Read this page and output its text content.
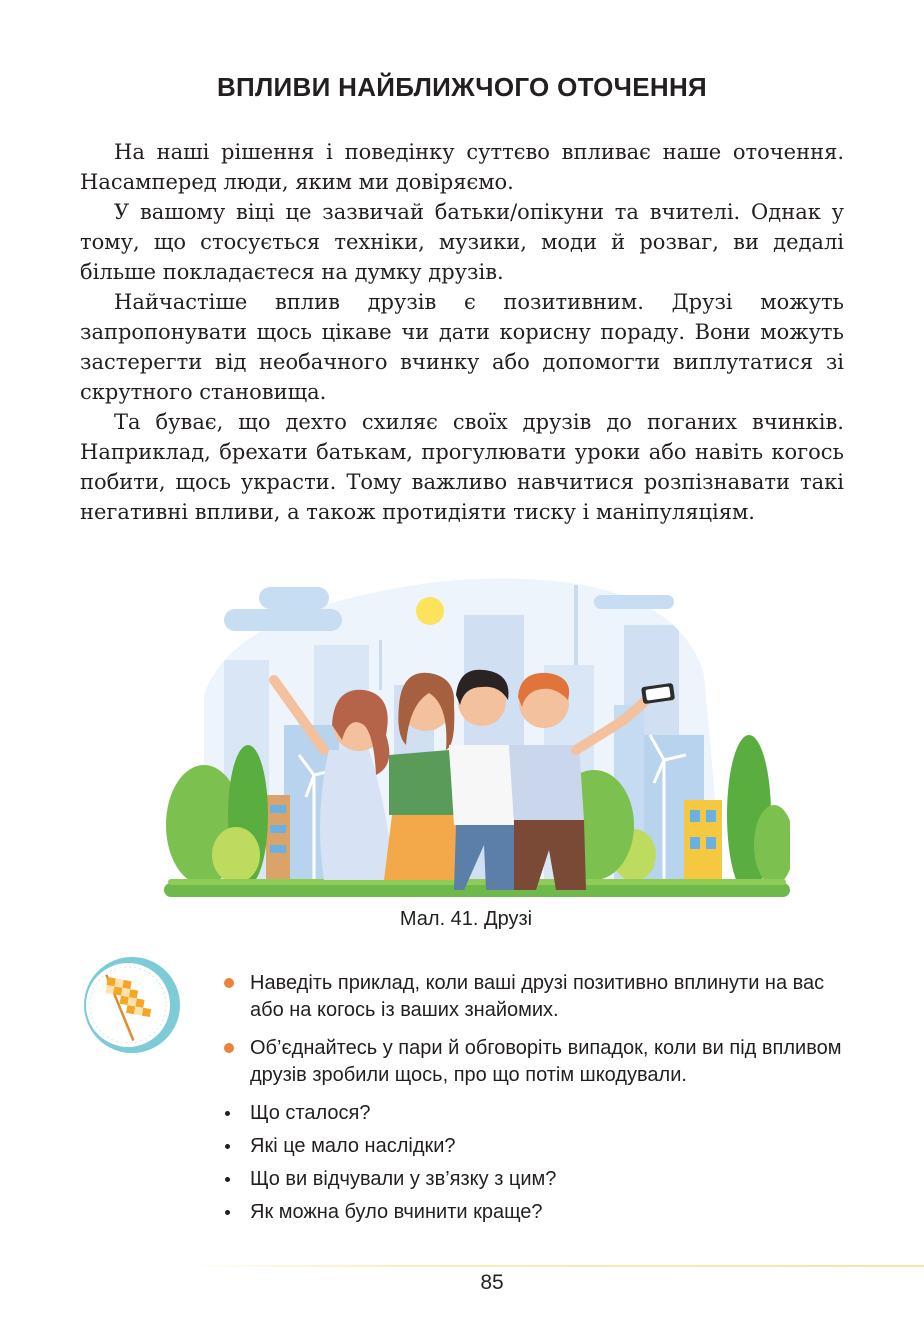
ВПЛИВИ НАЙБЛИЖЧОГО ОТОЧЕННЯ

На наші рішення і поведінку суттєво впливає наше оточення. Насамперед люди, яким ми довіряємо.

У вашому віці це зазвичай батьки/опікуни та вчителі. Однак у тому, що стосується техніки, музики, моди й розваг, ви дедалі більше покладаєтеся на думку друзів.

Найчастіше вплив друзів є позитивним. Друзі можуть запропонувати щось цікаве чи дати корисну пораду. Вони можуть застерегти від необачного вчинку або допомогти виплутатися зі скрутного становища.

Та буває, що дехто схиляє своїх друзів до поганих вчинків. Наприклад, брехати батькам, прогулювати уроки або навіть когось побити, щось украсти. Тому важливо навчитися розпізнавати такі негативні впливи, а також протидіяти тиску і маніпуляціям.

Мал. 41. Друзі
Наведіть приклад, коли ваші друзі позитивно вплинути на вас або на когось із ваших знайомих.
Об’єднайтесь у пари й обговоріть випадок, коли ви під впливом друзів зробили щось, про що потім шкодували.
Що сталося?
Які це мало наслідки?
Що ви відчували у зв’язку з цим?
Як можна було вчинити краще?
85
